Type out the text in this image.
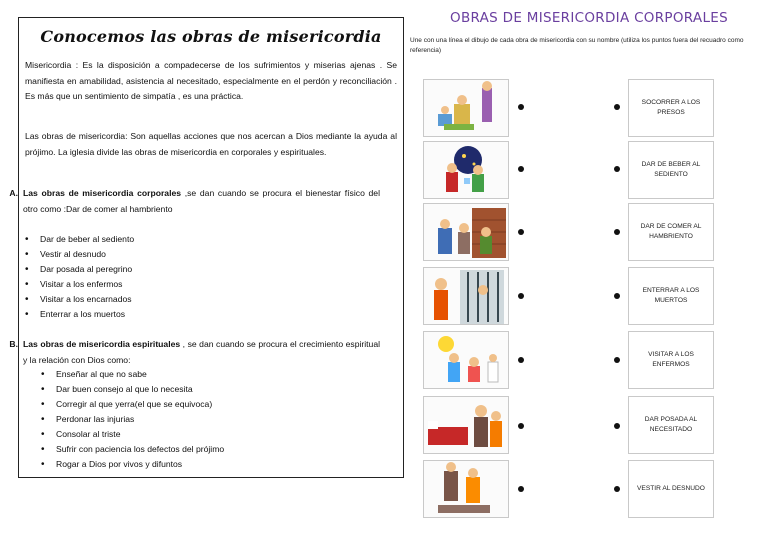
Conocemos las obras de misericordia
Misericordia : Es la disposición a compadecerse de los sufrimientos y miserias ajenas . Se manifiesta en amabilidad, asistencia al necesitado, especialmente en el perdón y reconciliación . Es más que un sentimiento de simpatía , es una práctica.
Las obras de misericordia: Son aquellas acciones que nos acercan a Dios mediante la ayuda al prójimo. La iglesia divide las obras de misericordia en corporales y espirituales.
A. Las obras de misericordia corporales ,se dan cuando se procura el bienestar físico del otro como :Dar de comer al hambriento
• Dar de beber al sediento
• Vestir al desnudo
• Dar posada al peregrino
• Visitar a los enfermos
• Visitar a los encarnados
• Enterrar a los muertos
B. Las obras de misericordia espirituales , se dan cuando se procura el crecimiento espiritual y la relación con Dios como:
• Enseñar al que no sabe
• Dar buen consejo al que lo necesita
• Corregir al que yerra(el que se equivoca)
• Perdonar las injurias
• Consolar al triste
• Sufrir con paciencia los defectos del prójimo
• Rogar a Dios por vivos y difuntos
OBRAS DE MISERICORDIA CORPORALES
Une con una línea el dibujo de cada obra de misericordia con su nombre (utiliza los puntos fuera del recuadro como referencia)
SOCORRER A LOS PRESOS
DAR DE BEBER AL SEDIENTO
DAR DE COMER AL HAMBRIENTO
ENTERRAR A LOS MUERTOS
VISITAR A LOS ENFERMOS
DAR POSADA AL NECESITADO
VESTIR AL DESNUDO
